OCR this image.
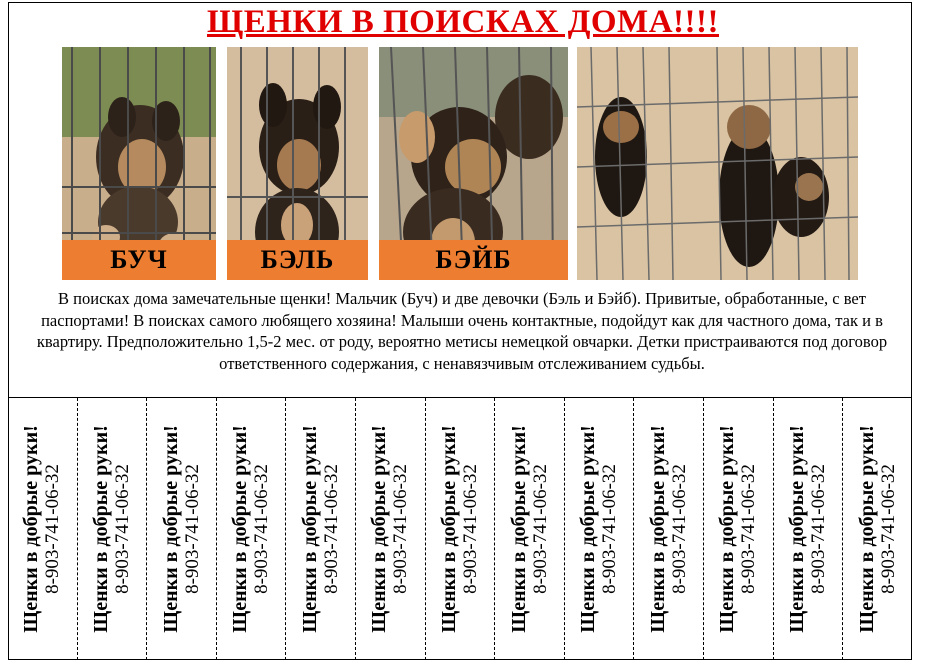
ЩЕНКИ В ПОИСКАХ ДОМА!!!!
БУЧ	БЭЛЬ	БЭЙБ
В поисках дома замечательные щенки! Мальчик (Буч) и две девочки (Бэль и Бэйб). Привитые, обработанные, с вет паспортами! В поисках самого любящего хозяина! Малыши очень контактные, подойдут как для частного дома, так и в квартиру. Предположительно 1,5-2 мес. от роду, вероятно метисы немецкой овчарки. Детки пристраиваются под договор ответственного содержания, с ненавязчивым отслеживанием судьбы.
Щенки в добрые руки! 8-903-741-06-32 Щенки в добрые руки! 8-903-741-06-32 Щенки в добрые руки! 8-903-741-06-32 Щенки в добрые руки! 8-903-741-06-32 Щенки в добрые руки! 8-903-741-06-32 Щенки в добрые руки! 8-903-741-06-32 Щенки в добрые руки! 8-903-741-06-32 Щенки в добрые руки! 8-903-741-06-32 Щенки в добрые руки! 8-903-741-06-32 Щенки в добрые руки! 8-903-741-06-32 Щенки в добрые руки! 8-903-741-06-32 Щенки в добрые руки! 8-903-741-06-32 Щенки в добрые руки! 8-903-741-06-32
